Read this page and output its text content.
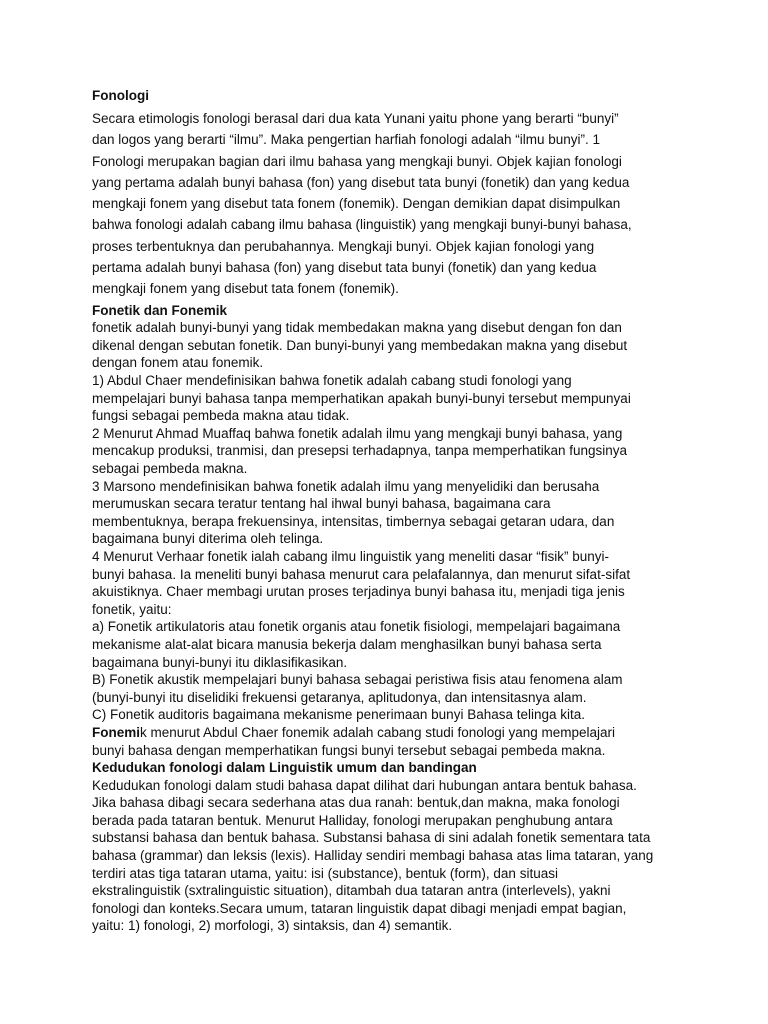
Fonologi

Secara etimologis fonologi berasal dari dua kata Yunani yaitu phone yang berarti “bunyi”

dan logos yang berarti “ilmu”. Maka pengertian harfiah fonologi adalah “ilmu bunyi”. 1

Fonologi merupakan bagian dari ilmu bahasa yang mengkaji bunyi. Objek kajian fonologi

yang pertama adalah bunyi bahasa (fon) yang disebut tata bunyi (fonetik) dan yang kedua

mengkaji fonem yang disebut tata fonem (fonemik). Dengan demikian dapat disimpulkan

bahwa fonologi adalah cabang ilmu bahasa (linguistik) yang mengkaji bunyi-bunyi bahasa,

proses terbentuknya dan perubahannya. Mengkaji bunyi. Objek kajian fonologi yang

pertama adalah bunyi bahasa (fon) yang disebut tata bunyi (fonetik) dan yang kedua

mengkaji fonem yang disebut tata fonem (fonemik).

Fonetik dan Fonemik

fonetik adalah bunyi-bunyi yang tidak membedakan makna yang disebut dengan fon dan

dikenal dengan sebutan fonetik. Dan bunyi-bunyi yang membedakan makna yang disebut

dengan fonem atau fonemik.

1) Abdul Chaer mendefinisikan bahwa fonetik adalah cabang studi fonologi yang

mempelajari bunyi bahasa tanpa memperhatikan apakah bunyi-bunyi tersebut mempunyai

fungsi sebagai pembeda makna atau tidak.

2 Menurut Ahmad Muaffaq bahwa fonetik adalah ilmu yang mengkaji bunyi bahasa, yang

mencakup produksi, tranmisi, dan presepsi terhadapnya, tanpa memperhatikan fungsinya

sebagai pembeda makna.

3 Marsono mendefinisikan bahwa fonetik adalah ilmu yang menyelidiki dan berusaha

merumuskan secara teratur tentang hal ihwal bunyi bahasa, bagaimana cara

membentuknya, berapa frekuensinya, intensitas, timbernya sebagai getaran udara, dan

bagaimana bunyi diterima oleh telinga.

4 Menurut Verhaar fonetik ialah cabang ilmu linguistik yang meneliti dasar “fisik” bunyi-

bunyi bahasa. Ia meneliti bunyi bahasa menurut cara pelafalannya, dan menurut sifat-sifat

akuistiknya. Chaer membagi urutan proses terjadinya bunyi bahasa itu, menjadi tiga jenis

fonetik, yaitu:

a) Fonetik artikulatoris atau fonetik organis atau fonetik fisiologi, mempelajari bagaimana

mekanisme alat-alat bicara manusia bekerja dalam menghasilkan bunyi bahasa serta

bagaimana bunyi-bunyi itu diklasifikasikan.

B) Fonetik akustik mempelajari bunyi bahasa sebagai peristiwa fisis atau fenomena alam

(bunyi-bunyi itu diselidiki frekuensi getaranya, aplitudonya, dan intensitasnya alam.

C) Fonetik auditoris bagaimana mekanisme penerimaan bunyi Bahasa telinga kita.

Fonemik menurut Abdul Chaer fonemik adalah cabang studi fonologi yang mempelajari

bunyi bahasa dengan memperhatikan fungsi bunyi tersebut sebagai pembeda makna.

Kedudukan fonologi dalam Linguistik umum dan bandingan

Kedudukan fonologi dalam studi bahasa dapat dilihat dari hubungan antara bentuk bahasa.

Jika bahasa dibagi secara sederhana atas dua ranah: bentuk,dan makna, maka fonologi

berada pada tataran bentuk. Menurut Halliday, fonologi merupakan penghubung antara

substansi bahasa dan bentuk bahasa. Substansi bahasa di sini adalah fonetik sementara tata

bahasa (grammar) dan leksis (lexis). Halliday sendiri membagi bahasa atas lima tataran, yang

terdiri atas tiga tataran utama, yaitu: isi (substance), bentuk (form), dan situasi

ekstralinguistik (sxtralinguistic situation), ditambah dua tataran antra (interlevels), yakni

fonologi dan konteks.Secara umum, tataran linguistik dapat dibagi menjadi empat bagian,

yaitu: 1) fonologi, 2) morfologi, 3) sintaksis, dan 4) semantik.
